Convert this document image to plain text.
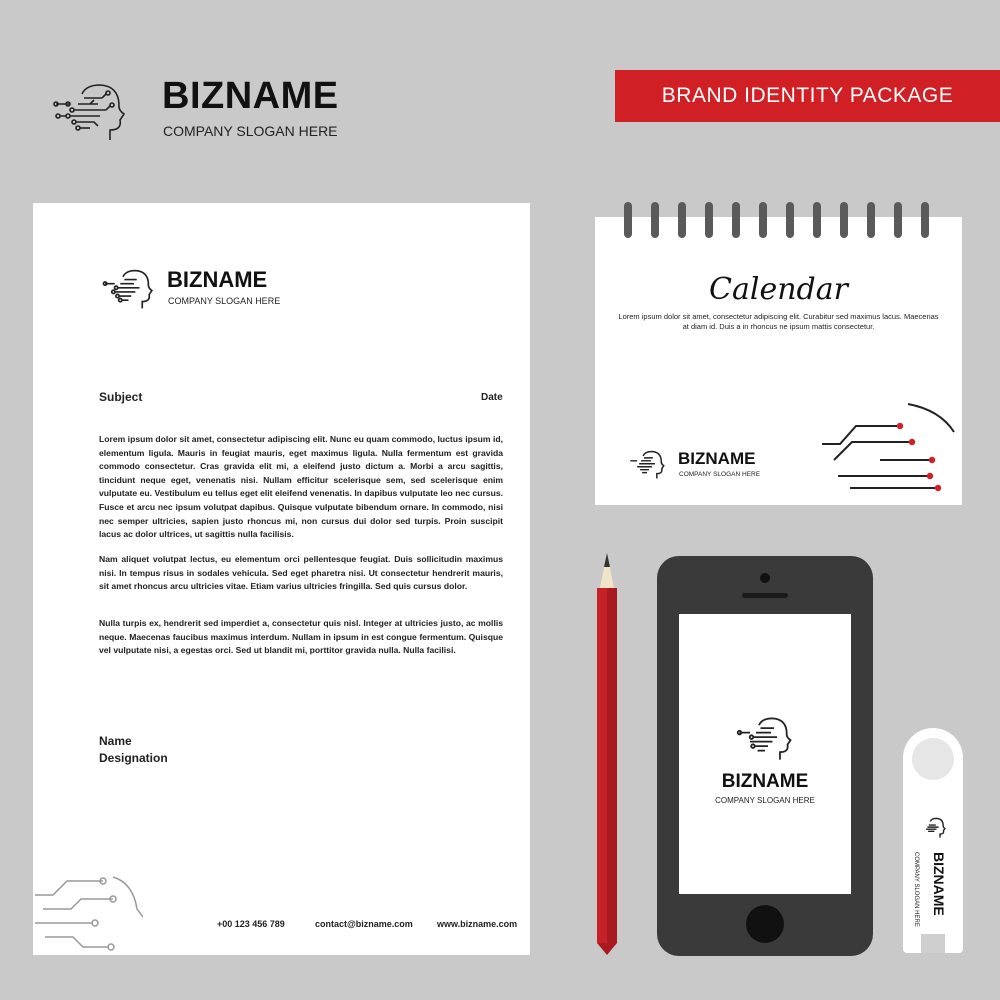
BIZNAME
COMPANY SLOGAN HERE
BRAND IDENTITY PACKAGE
BIZNAME
COMPANY SLOGAN HERE
Subject	Date
Lorem ipsum dolor sit amet, consectetur adipiscing elit. Nunc eu quam commodo, luctus ipsum id, elementum ligula. Mauris in feugiat mauris, eget maximus ligula. Nulla fermentum est gravida commodo consectetur. Cras gravida elit mi, a eleifend justo dictum a. Morbi a arcu sagittis, tincidunt neque eget, venenatis nisi. Nullam efficitur scelerisque sem, sed scelerisque enim vulputate eu. Vestibulum eu tellus eget elit eleifend venenatis. In dapibus vulputate leo nec cursus. Fusce et arcu nec ipsum volutpat dapibus. Quisque vulputate bibendum ornare. In commodo, nisi nec semper ultricies, sapien justo rhoncus mi, non cursus dui dolor sed turpis. Proin suscipit lacus ac dolor ultrices, ut sagittis nulla facilisis.
Nam aliquet volutpat lectus, eu elementum orci pellentesque feugiat. Duis sollicitudin maximus nisi. In tempus risus in sodales vehicula. Sed eget pharetra nisi. Ut consectetur hendrerit mauris, sit amet rhoncus arcu ultricies vitae. Etiam varius ultricies fringilla. Sed quis cursus dolor.
Nulla turpis ex, hendrerit sed imperdiet a, consectetur quis nisl. Integer at ultricies justo, ac mollis neque. Maecenas faucibus maximus interdum. Nullam in ipsum in est congue fermentum. Quisque vel vulputate nisi, a egestas orci. Sed ut blandit mi, porttitor gravida nulla. Nulla facilisi.
Name
Designation
+00 123 456 789	contact@bizname.com	www.bizname.com
Calendar
Lorem ipsum dolor sit amet, consectetur adipiscing elit. Curabitur sed maximus lacus. Maecenas at diam id. Duis a in rhoncus ne ipsum mattis consectetur.
BIZNAME
COMPANY SLOGAN HERE
BIZNAME
COMPANY SLOGAN HERE
BIZNAME
COMPANY SLOGAN HERE
